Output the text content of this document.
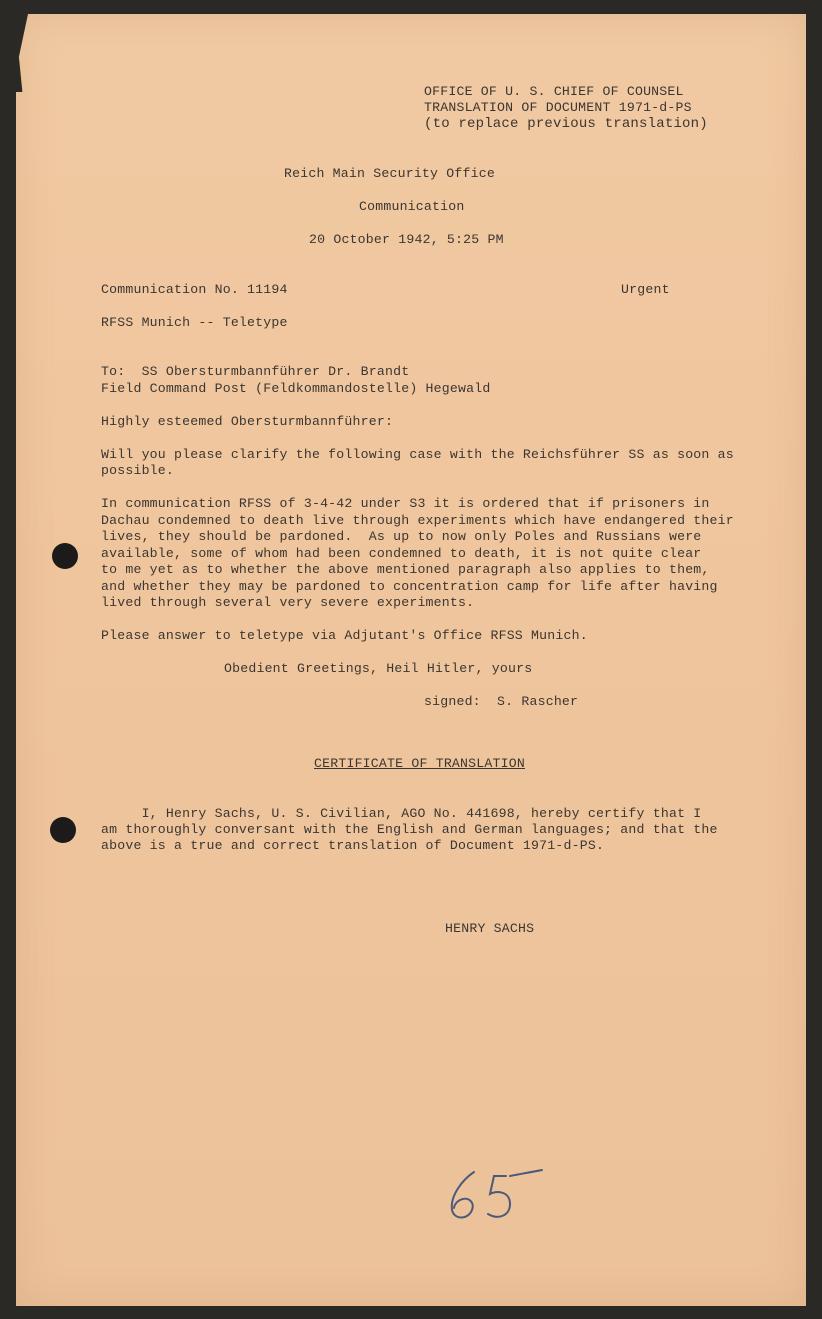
OFFICE OF U. S. CHIEF OF COUNSEL
TRANSLATION OF DOCUMENT 1971-d-PS
(to replace previous translation)
Reich Main Security Office
Communication
20 October 1942, 5:25 PM
Communication No. 11194	Urgent
RFSS Munich -- Teletype
To:  SS Obersturmbannführer Dr. Brandt
Field Command Post (Feldkommandostelle) Hegewald
Highly esteemed Obersturmbannführer:
Will you please clarify the following case with the Reichsführer SS as soon as
possible.
In communication RFSS of 3-4-42 under S3 it is ordered that if prisoners in
Dachau condemned to death live through experiments which have endangered their
lives, they should be pardoned.  As up to now only Poles and Russians were
available, some of whom had been condemned to death, it is not quite clear
to me yet as to whether the above mentioned paragraph also applies to them,
and whether they may be pardoned to concentration camp for life after having
lived through several very severe experiments.
Please answer to teletype via Adjutant's Office RFSS Munich.
Obedient Greetings, Heil Hitler, yours
signed:  S. Rascher
CERTIFICATE OF TRANSLATION
I, Henry Sachs, U. S. Civilian, AGO No. 441698, hereby certify that I
am thoroughly conversant with the English and German languages; and that the
above is a true and correct translation of Document 1971-d-PS.
HENRY SACHS
